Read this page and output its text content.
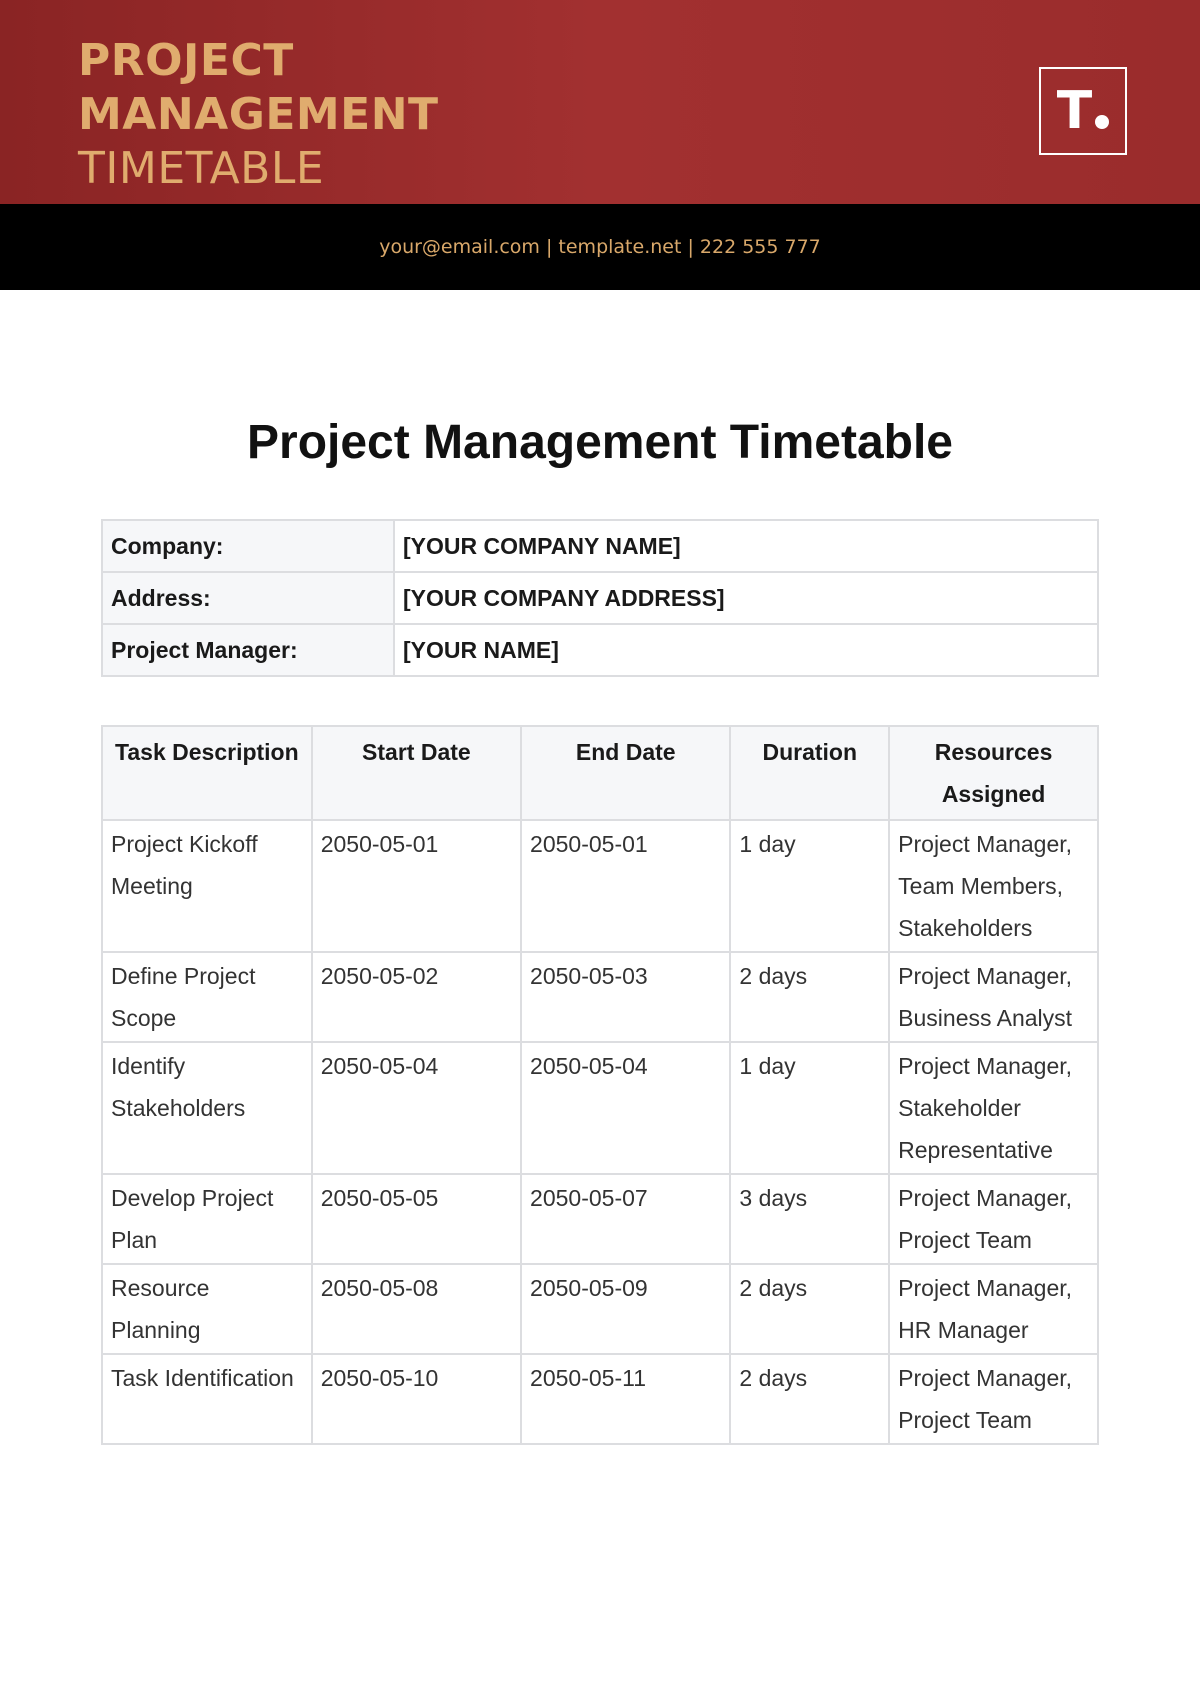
PROJECT
MANAGEMENT
TIMETABLE
T
your@email.com | template.net | 222 555 777
Project Management Timetable
Company:	[YOUR COMPANY NAME]
Address:	[YOUR COMPANY ADDRESS]
Project Manager:	[YOUR NAME]
Task Description	Start Date	End Date	Duration	Resources Assigned
Project Kickoff Meeting	2050-05-01	2050-05-01	1 day	Project Manager, Team Members, Stakeholders
Define Project Scope	2050-05-02	2050-05-03	2 days	Project Manager, Business Analyst
Identify Stakeholders	2050-05-04	2050-05-04	1 day	Project Manager, Stakeholder Representative
Develop Project Plan	2050-05-05	2050-05-07	3 days	Project Manager, Project Team
Resource Planning	2050-05-08	2050-05-09	2 days	Project Manager, HR Manager
Task Identification	2050-05-10	2050-05-11	2 days	Project Manager, Project Team
